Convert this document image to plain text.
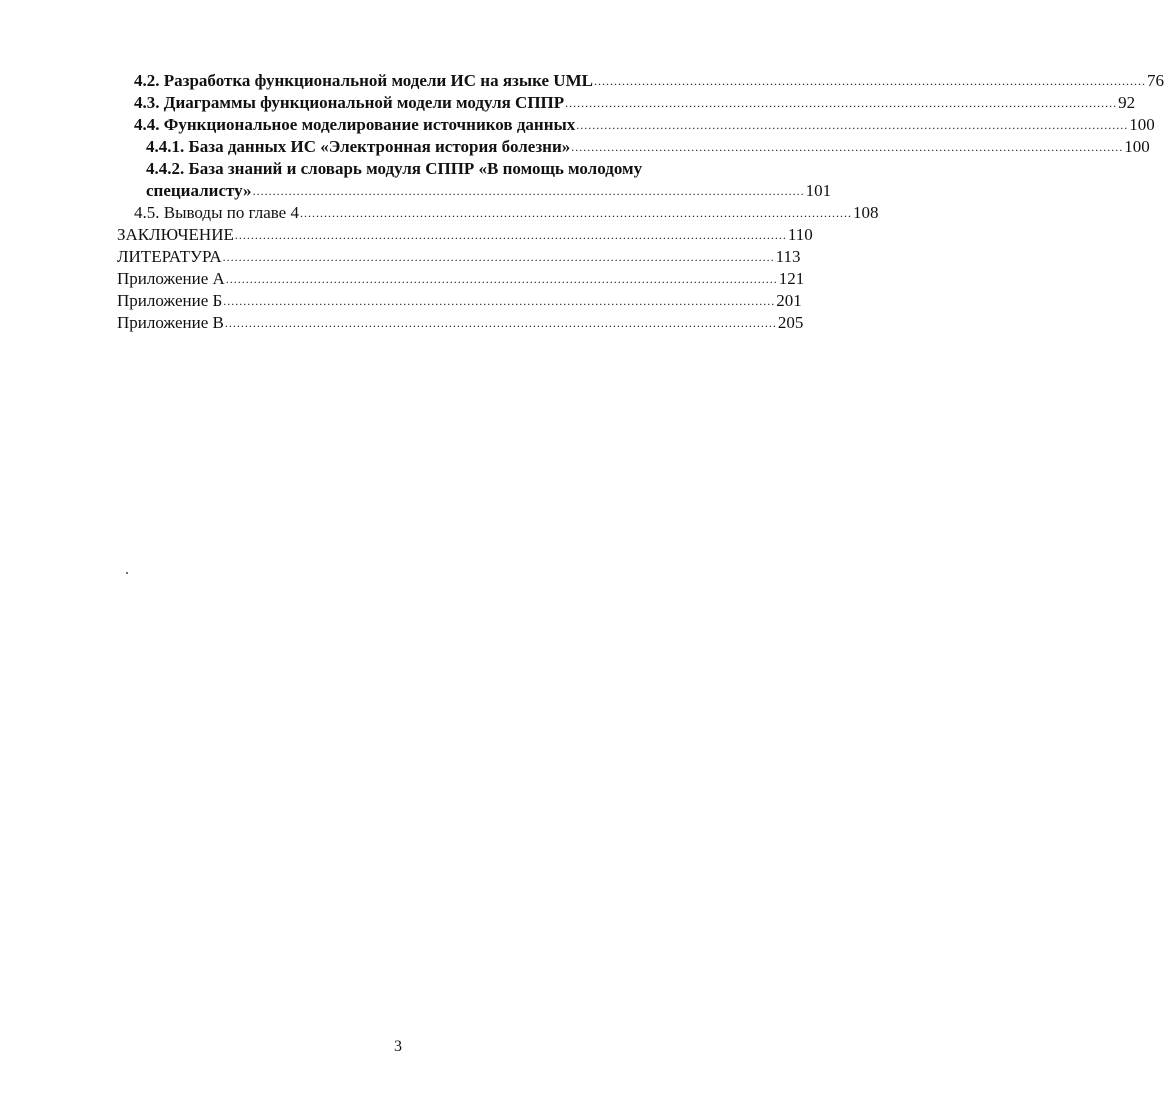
4.2. Разработка функциональной модели ИС на языке UML .......................................................................................................................................... 76
4.3. Диаграммы функциональной модели модуля СППР .......................................................................................................................................... 92
4.4. Функциональное моделирование источников данных .......................................................................................................................................... 100
4.4.1. База данных ИС «Электронная история болезни» .......................................................................................................................................... 100
4.4.2. База знаний и словарь модуля СППР «В помощь молодому
специалисту» .......................................................................................................................................... 101
4.5. Выводы по главе 4 .......................................................................................................................................... 108
ЗАКЛЮЧЕНИЕ .......................................................................................................................................... 110
ЛИТЕРАТУРА .......................................................................................................................................... 113
Приложение А .......................................................................................................................................... 121
Приложение Б .......................................................................................................................................... 201
Приложение В .......................................................................................................................................... 205
3
